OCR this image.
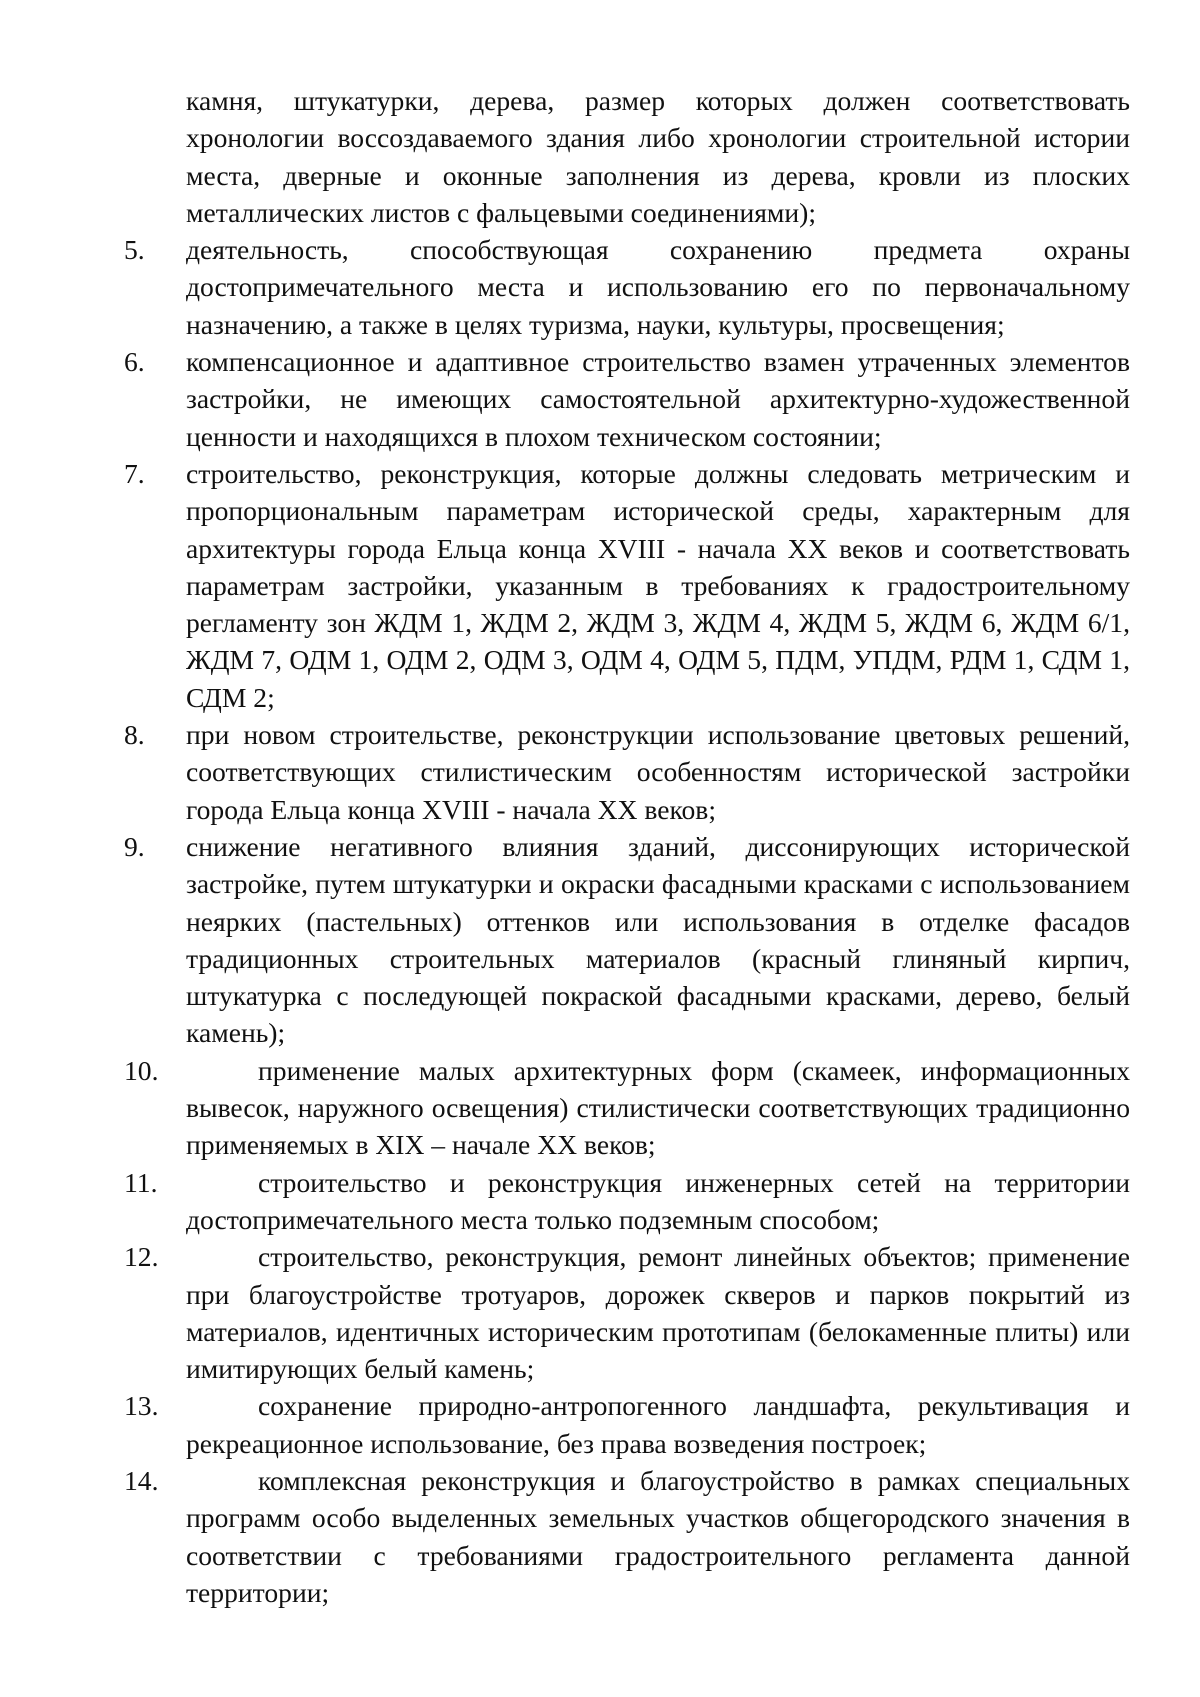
камня, штукатурки, дерева, размер которых должен соответствовать хронологии воссоздаваемого здания либо хронологии строительной истории места, дверные и оконные заполнения из дерева, кровли из плоских металлических листов с фальцевыми соединениями);

5. деятельность, способствующая сохранению предмета охраны достопримечательного места и использованию его по первоначальному назначению, а также в целях туризма, науки, культуры, просвещения;
6. компенсационное и адаптивное строительство взамен утраченных элементов застройки, не имеющих самостоятельной архитектурно-художественной ценности и находящихся в плохом техническом состоянии;
7. строительство, реконструкция, которые должны следовать метрическим и пропорциональным параметрам исторической среды, характерным для архитектуры города Ельца конца XVIII - начала XX веков и соответствовать параметрам застройки, указанным в требованиях к градостроительному регламенту зон ЖДМ 1, ЖДМ 2, ЖДМ 3, ЖДМ 4, ЖДМ 5, ЖДМ 6, ЖДМ 6/1, ЖДМ 7, ОДМ 1, ОДМ 2, ОДМ 3, ОДМ 4, ОДМ 5, ПДМ, УПДМ, РДМ 1, СДМ 1, СДМ 2;
8. при новом строительстве, реконструкции использование цветовых решений, соответствующих стилистическим особенностям исторической застройки города Ельца конца XVIII - начала XX веков;
9. снижение негативного влияния зданий, диссонирующих исторической застройке, путем штукатурки и окраски фасадными красками с использованием неярких (пастельных) оттенков или использования в отделке фасадов традиционных строительных материалов (красный глиняный кирпич, штукатурка с последующей покраской фасадными красками, дерево, белый камень);
10.	применение малых архитектурных форм (скамеек, информационных вывесок, наружного освещения) стилистически соответствующих традиционно применяемых в XIX – начале XX веков;
11.	строительство и реконструкция инженерных сетей на территории достопримечательного места только подземным способом;
12.	строительство, реконструкция, ремонт линейных объектов; применение при благоустройстве тротуаров, дорожек скверов и парков покрытий из материалов, идентичных историческим прототипам (белокаменные плиты) или имитирующих белый камень;
13.	сохранение природно-антропогенного ландшафта, рекультивация и рекреационное использование, без права возведения построек;
14.	комплексная реконструкция и благоустройство в рамках специальных программ особо выделенных земельных участков общегородского значения в соответствии с требованиями градостроительного регламента данной территории;
